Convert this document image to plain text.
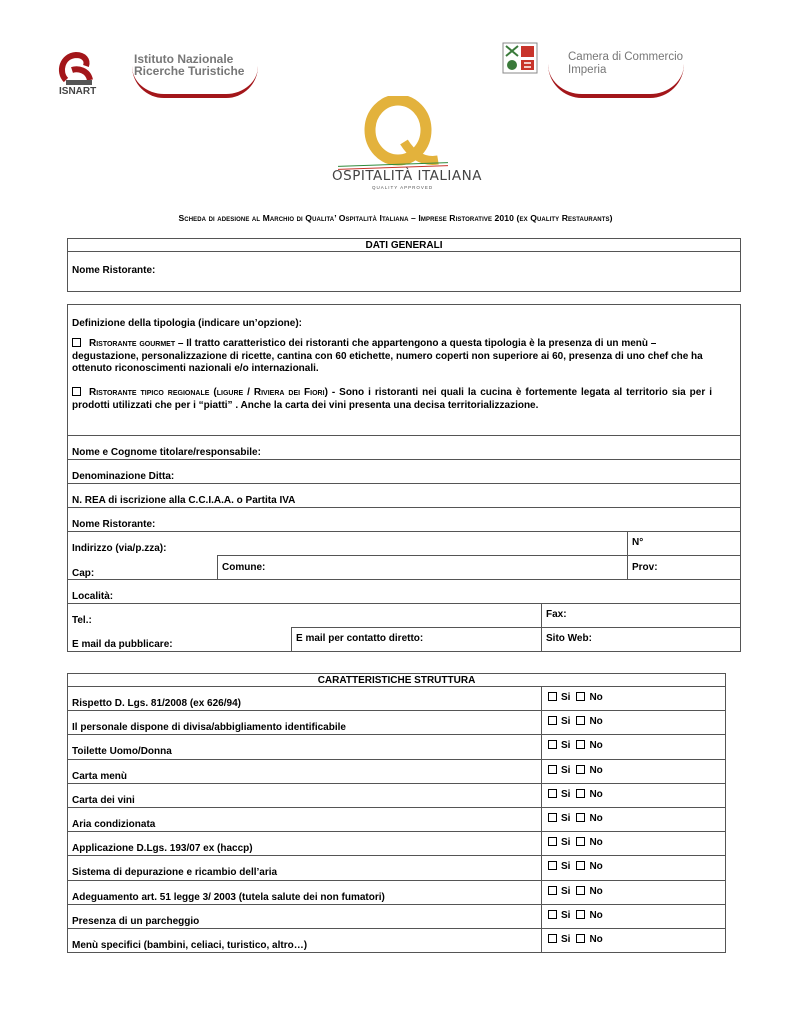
ISNART
Istituto Nazionale
Ricerche Turistiche
Camera di Commercio
Imperia
OSPITALITÀ ITALIANA
QUALITY APPROVED
Scheda di adesione al Marchio di Qualita’ Ospitalità Italiana – Imprese Ristorative 2010 (ex Quality Restaurants)
DATI GENERALI
Nome Ristorante:
Definizione della tipologia (indicare un’opzione):
Ristorante gourmet – Il tratto caratteristico dei ristoranti che appartengono a questa tipologia è la presenza di un menù – degustazione, personalizzazione di ricette, cantina con 60 etichette, numero coperti non superiore ai 60, presenza di uno chef che ha ottenuto riconoscimenti nazionali e/o internazionali.
Ristorante tipico regionale (ligure / Riviera dei Fiori) - Sono i ristoranti nei quali la cucina è fortemente legata al territorio sia per i prodotti utilizzati che per i “piatti” . Anche la carta dei vini presenta una decisa territorializzazione.
Nome e Cognome titolare/responsabile:
Denominazione Ditta:
N. REA di iscrizione alla C.C.I.A.A. o Partita IVA
Nome Ristorante:
Indirizzo (via/p.zza):
N°
Cap:
Comune:	Prov:
Località:
Tel.:
Fax:
E mail da pubblicare:
E mail per contatto diretto:	Sito Web:
CARATTERISTICHE STRUTTURA
Rispetto D. Lgs. 81/2008 (ex 626/94)
Si No
Il personale dispone di divisa/abbigliamento identificabile
Si No
Toilette Uomo/Donna
Si No
Carta menù
Si No
Carta dei vini
Si No
Aria condizionata
Si No
Applicazione D.Lgs. 193/07 ex (haccp)
Si No
Sistema di depurazione e ricambio dell’aria
Si No
Adeguamento art. 51 legge 3/ 2003 (tutela salute dei non fumatori)
Si No
Presenza di un parcheggio
Si No
Menù specifici (bambini, celiaci, turistico, altro…)
Si No
